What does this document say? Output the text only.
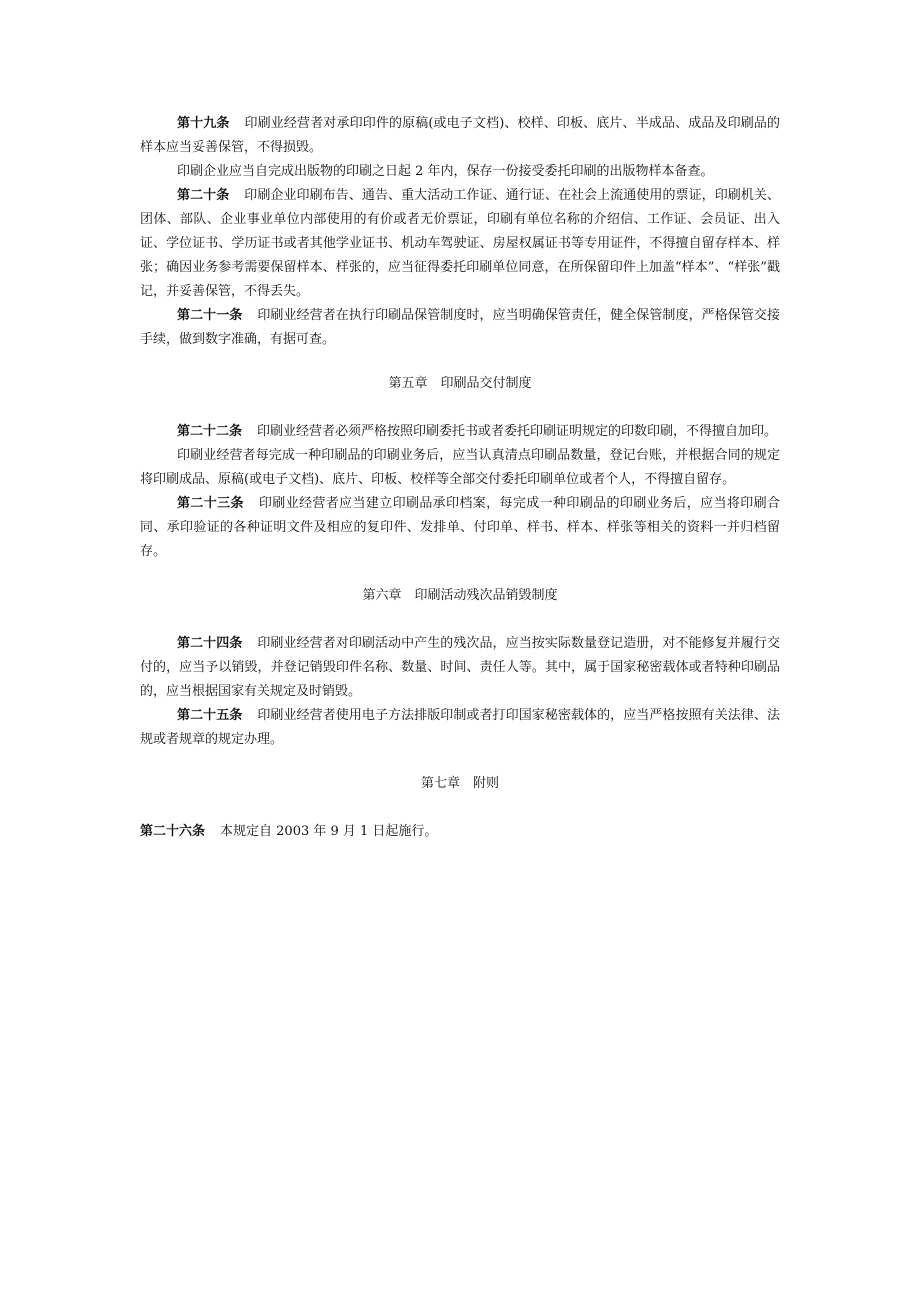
第十九条 印刷业经营者对承印印件的原稿(或电子文档)、校样、印板、底片、半成品、成品及印刷品的样本应当妥善保管，不得损毁。

印刷企业应当自完成出版物的印刷之日起 2 年内，保存一份接受委托印刷的出版物样本备查。

第二十条 印刷企业印刷布告、通告、重大活动工作证、通行证、在社会上流通使用的票证，印刷机关、团体、部队、企业事业单位内部使用的有价或者无价票证，印刷有单位名称的介绍信、工作证、会员证、出入证、学位证书、学历证书或者其他学业证书、机动车驾驶证、房屋权属证书等专用证件，不得擅自留存样本、样张；确因业务参考需要保留样本、样张的，应当征得委托印刷单位同意，在所保留印件上加盖“样本”、“样张”戳记，并妥善保管，不得丢失。

第二十一条 印刷业经营者在执行印刷品保管制度时，应当明确保管责任，健全保管制度，严格保管交接手续，做到数字准确，有据可查。

第五章　印刷品交付制度

第二十二条 印刷业经营者必须严格按照印刷委托书或者委托印刷证明规定的印数印刷，不得擅自加印。

印刷业经营者每完成一种印刷品的印刷业务后，应当认真清点印刷品数量，登记台账，并根据合同的规定将印刷成品、原稿(或电子文档)、底片、印板、校样等全部交付委托印刷单位或者个人，不得擅自留存。

第二十三条 印刷业经营者应当建立印刷品承印档案，每完成一种印刷品的印刷业务后，应当将印刷合同、承印验证的各种证明文件及相应的复印件、发排单、付印单、样书、样本、样张等相关的资料一并归档留存。

第六章　印刷活动残次品销毁制度

第二十四条 印刷业经营者对印刷活动中产生的残次品，应当按实际数量登记造册，对不能修复并履行交付的，应当予以销毁，并登记销毁印件名称、数量、时间、责任人等。其中，属于国家秘密载体或者特种印刷品的，应当根据国家有关规定及时销毁。

第二十五条 印刷业经营者使用电子方法排版印制或者打印国家秘密载体的，应当严格按照有关法律、法规或者规章的规定办理。

第七章　附则

第二十六条 本规定自 2003 年 9 月 1 日起施行。
